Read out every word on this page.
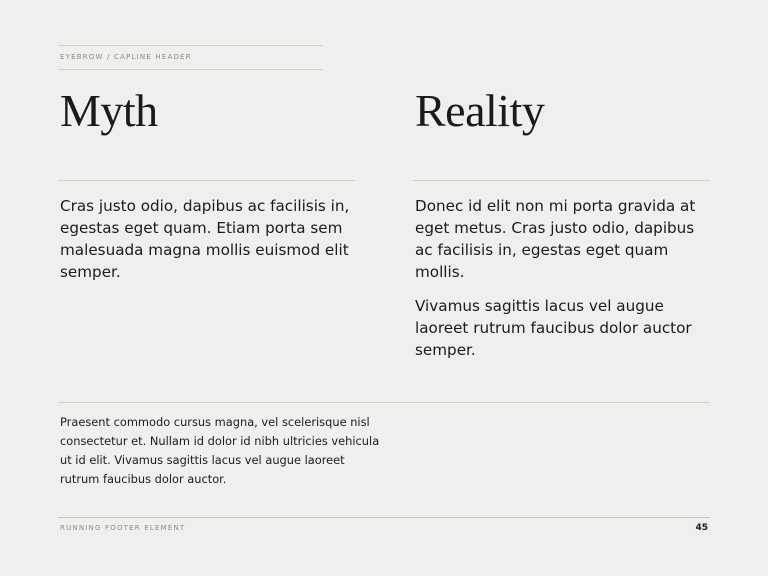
EYEBROW / CAPLINE HEADER
Myth	Reality

Cras justo odio, dapibus ac facilisis in, egestas eget quam. Etiam porta sem malesuada magna mollis euismod elit semper.

Donec id elit non mi porta gravida at eget metus. Cras justo odio, dapibus ac facilisis in, egestas eget quam mollis.

Vivamus sagittis lacus vel augue laoreet rutrum faucibus dolor auctor semper.

Praesent commodo cursus magna, vel scelerisque nisl consectetur et. Nullam id dolor id nibh ultricies vehicula ut id elit. Vivamus sagittis lacus vel augue laoreet rutrum faucibus dolor auctor.
RUNNING FOOTER ELEMENT	45
